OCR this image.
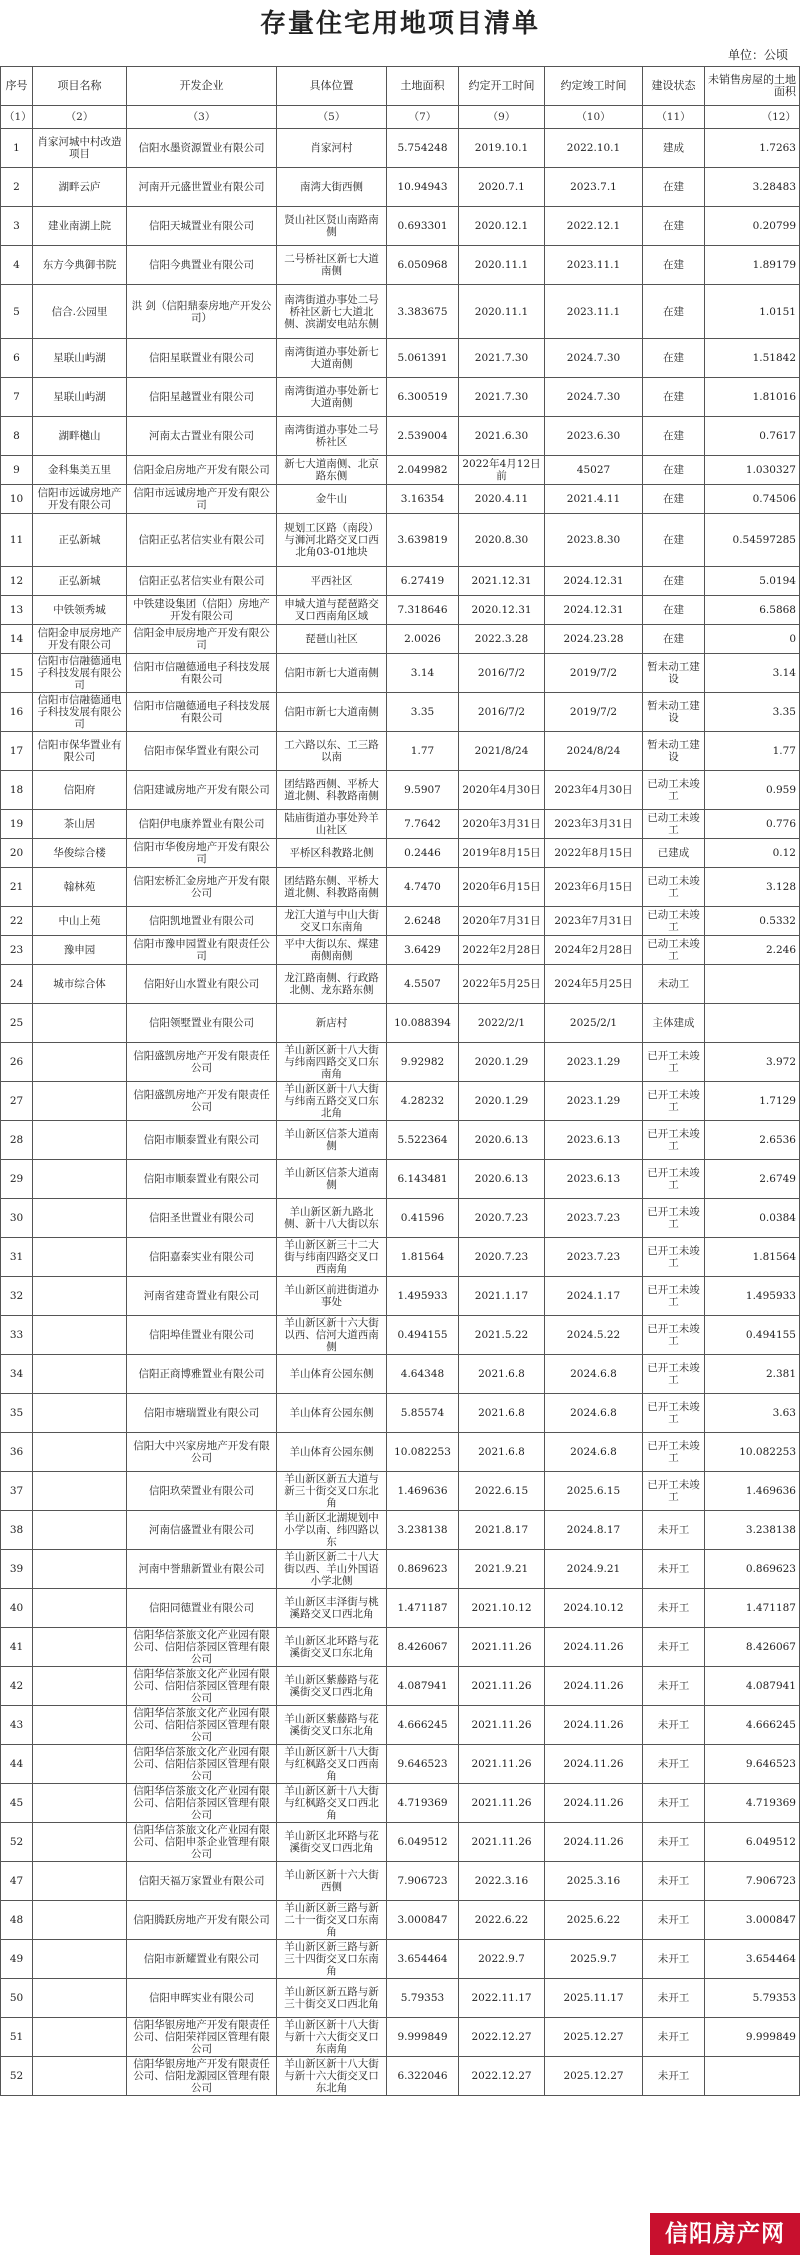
存量住宅用地项目清单
单位：公顷
序号	项目名称	开发企业	具体位置	土地面积	约定开工时间	约定竣工时间	建设状态	未销售房屋的土地面积
（1）	（2）	（3）	（5）	（7）	（9）	（10）	（11）	（12）
1	肖家河城中村改造项目	信阳水墨资源置业有限公司	肖家河村	5.754248	2019.10.1	2022.10.1	建成	1.7263
2	湖畔云庐	河南开元盛世置业有限公司	南湾大街西侧	10.94943	2020.7.1	2023.7.1	在建	3.28483
3	建业南湖上院	信阳天城置业有限公司	贤山社区贤山南路南侧	0.693301	2020.12.1	2022.12.1	在建	0.20799
4	东方今典御书院	信阳今典置业有限公司	二号桥社区新七大道南侧	6.050968	2020.11.1	2023.11.1	在建	1.89179
5	信合.公园里	洪 剑（信阳鼎泰房地产开发公司）	南湾街道办事处二号桥社区新七大道北侧、滨湖安电站东侧	3.383675	2020.11.1	2023.11.1	在建	1.0151
6	星联山屿湖	信阳星联置业有限公司	南湾街道办事处新七大道南侧	5.061391	2021.7.30	2024.7.30	在建	1.51842
7	星联山屿湖	信阳星越置业有限公司	南湾街道办事处新七大道南侧	6.300519	2021.7.30	2024.7.30	在建	1.81016
8	湖畔樾山	河南太古置业有限公司	南湾街道办事处二号桥社区	2.539004	2021.6.30	2023.6.30	在建	0.7617
9	金科集美五里	信阳金启房地产开发有限公司	新七大道南侧、北京路东侧	2.049982	2022年4月12日前	45027	在建	1.030327
10	信阳市远诚房地产开发有限公司	信阳市远诚房地产开发有限公司	金牛山	3.16354	2020.4.11	2021.4.11	在建	0.74506
11	正弘新城	信阳正弘茗信实业有限公司	规划工区路（南段）与浉河北路交叉口西北角03-01地块	3.639819	2020.8.30	2023.8.30	在建	0.54597285
12	正弘新城	信阳正弘茗信实业有限公司	平西社区	6.27419	2021.12.31	2024.12.31	在建	5.0194
13	中铁领秀城	中铁建设集团（信阳）房地产开发有限公司	申城大道与琵琶路交叉口西南角区域	7.318646	2020.12.31	2024.12.31	在建	6.5868
14	信阳金申辰房地产开发有限公司	信阳金申辰房地产开发有限公司	琵琶山社区	2.0026	2022.3.28	2024.23.28	在建	0
15	信阳市信融德通电子科技发展有限公司	信阳市信融德通电子科技发展有限公司	信阳市新七大道南侧	3.14	2016/7/2	2019/7/2	暂未动工建设	3.14
16	信阳市信融德通电子科技发展有限公司	信阳市信融德通电子科技发展有限公司	信阳市新七大道南侧	3.35	2016/7/2	2019/7/2	暂未动工建设	3.35
17	信阳市保华置业有限公司	信阳市保华置业有限公司	工六路以东、工三路以南	1.77	2021/8/24	2024/8/24	暂未动工建设	1.77
18	信阳府	信阳建诚房地产开发有限公司	团结路西侧、平桥大道北侧、科教路南侧	9.5907	2020年4月30日	2023年4月30日	已动工未竣工	0.959
19	茶山居	信阳伊电康养置业有限公司	陆庙街道办事处羚羊山社区	7.7642	2020年3月31日	2023年3月31日	已动工未竣工	0.776
20	华俊综合楼	信阳市华俊房地产开发有限公司	平桥区科教路北侧	0.2446	2019年8月15日	2022年8月15日	已建成	0.12
21	翰林苑	信阳宏桥汇金房地产开发有限公司	团结路东侧、平桥大道北侧、科教路南侧	4.7470	2020年6月15日	2023年6月15日	已动工未竣工	3.128
22	中山上苑	信阳凯地置业有限公司	龙江大道与中山大街交叉口东南角	2.6248	2020年7月31日	2023年7月31日	已动工未竣工	0.5332
23	豫申园	信阳市豫申园置业有限责任公司	平中大街以东、煤建南侧南侧	3.6429	2022年2月28日	2024年2月28日	已动工未竣工	2.246
24	城市综合体	信阳好山水置业有限公司	龙江路南侧、行政路北侧、龙东路东侧	4.5507	2022年5月25日	2024年5月25日	未动工	
25		信阳领墅置业有限公司	新店村	10.088394	2022/2/1	2025/2/1	主体建成	
26		信阳盛凯房地产开发有限责任公司	羊山新区新十八大街与纬南四路交叉口东南角	9.92982	2020.1.29	2023.1.29	已开工未竣工	3.972
27		信阳盛凯房地产开发有限责任公司	羊山新区新十八大街与纬南五路交叉口东北角	4.28232	2020.1.29	2023.1.29	已开工未竣工	1.7129
28		信阳市顺泰置业有限公司	羊山新区信茶大道南侧	5.522364	2020.6.13	2023.6.13	已开工未竣工	2.6536
29		信阳市顺泰置业有限公司	羊山新区信茶大道南侧	6.143481	2020.6.13	2023.6.13	已开工未竣工	2.6749
30		信阳圣世置业有限公司	羊山新区新九路北侧、新十八大街以东	0.41596	2020.7.23	2023.7.23	已开工未竣工	0.0384
31		信阳嘉泰实业有限公司	羊山新区新三十二大街与纬南四路交叉口西南角	1.81564	2020.7.23	2023.7.23	已开工未竣工	1.81564
32		河南省建奇置业有限公司	羊山新区前进街道办事处	1.495933	2021.1.17	2024.1.17	已开工未竣工	1.495933
33		信阳埠佳置业有限公司	羊山新区新十六大街以西、信河大道西南侧	0.494155	2021.5.22	2024.5.22	已开工未竣工	0.494155
34		信阳正商博雅置业有限公司	羊山体育公园东侧	4.64348	2021.6.8	2024.6.8	已开工未竣工	2.381
35		信阳市塘瑞置业有限公司	羊山体育公园东侧	5.85574	2021.6.8	2024.6.8	已开工未竣工	3.63
36		信阳大中兴家房地产开发有限公司	羊山体育公园东侧	10.082253	2021.6.8	2024.6.8	已开工未竣工	10.082253
37		信阳玖荣置业有限公司	羊山新区新五大道与新三十街交叉口东北角	1.469636	2022.6.15	2025.6.15	已开工未竣工	1.469636
38		河南信盛置业有限公司	羊山新区北湖规划中小学以南、纬四路以东	3.238138	2021.8.17	2024.8.17	未开工	3.238138
39		河南中誉鼎新置业有限公司	羊山新区新二十八大街以西、羊山外国语小学北侧	0.869623	2021.9.21	2024.9.21	未开工	0.869623
40		信阳同德置业有限公司	羊山新区丰泽街与桃溪路交叉口西北角	1.471187	2021.10.12	2024.10.12	未开工	1.471187
41		信阳华信茶旅文化产业园有限公司、信阳信茶园区管理有限公司	羊山新区北环路与花溪街交叉口东北角	8.426067	2021.11.26	2024.11.26	未开工	8.426067
42		信阳华信茶旅文化产业园有限公司、信阳信茶园区管理有限公司	羊山新区紫藤路与花溪街交叉口西北角	4.087941	2021.11.26	2024.11.26	未开工	4.087941
43		信阳华信茶旅文化产业园有限公司、信阳信茶园区管理有限公司	羊山新区紫藤路与花溪街交叉口东北角	4.666245	2021.11.26	2024.11.26	未开工	4.666245
44		信阳华信茶旅文化产业园有限公司、信阳信茶园区管理有限公司	羊山新区新十八大街与红枫路交叉口西南角	9.646523	2021.11.26	2024.11.26	未开工	9.646523
45		信阳华信茶旅文化产业园有限公司、信阳信茶园区管理有限公司	羊山新区新十八大街与红枫路交叉口西北角	4.719369	2021.11.26	2024.11.26	未开工	4.719369
52		信阳华信茶旅文化产业园有限公司、信阳申茶企业管理有限公司	羊山新区北环路与花溪街交叉口西北角	6.049512	2021.11.26	2024.11.26	未开工	6.049512
47		信阳天福万家置业有限公司	羊山新区新十六大街西侧	7.906723	2022.3.16	2025.3.16	未开工	7.906723
48		信阳腾跃房地产开发有限公司	羊山新区新三路与新二十一街交叉口东南角	3.000847	2022.6.22	2025.6.22	未开工	3.000847
49		信阳市新耀置业有限公司	羊山新区新三路与新三十四街交叉口东南角	3.654464	2022.9.7	2025.9.7	未开工	3.654464
50		信阳申晖实业有限公司	羊山新区新五路与新三十街交叉口西北角	5.79353	2022.11.17	2025.11.17	未开工	5.79353
51		信阳华银房地产开发有限责任公司、信阳荣祥园区管理有限公司	羊山新区新十八大街与新十六大街交叉口东南角	9.999849	2022.12.27	2025.12.27	未开工	9.999849
52		信阳华银房地产开发有限责任公司、信阳龙源园区管理有限公司	羊山新区新十八大街与新十六大街交叉口东北角	6.322046	2022.12.27	2025.12.27	未开工	
信阳房产网
